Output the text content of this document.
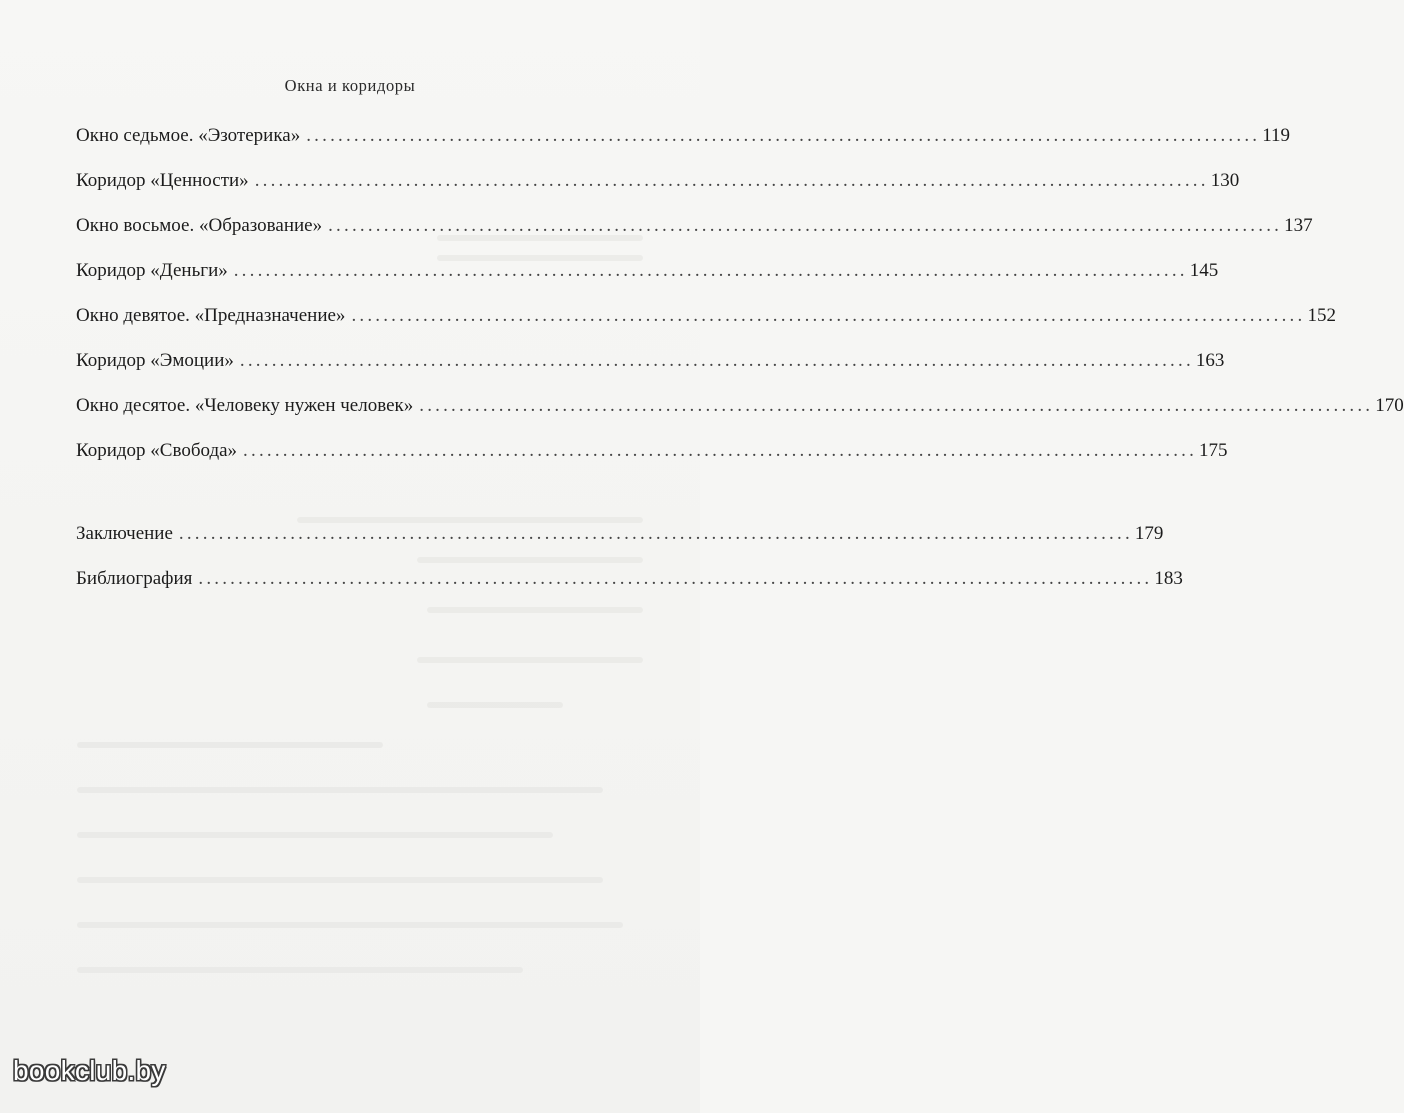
Окна и коридоры
Окно седьмое. «Эзотерика» ........................................................................................................................ 119
Коридор «Ценности» ........................................................................................................................ 130
Окно восьмое. «Образование» ........................................................................................................................ 137
Коридор «Деньги» ........................................................................................................................ 145
Окно девятое. «Предназначение» ........................................................................................................................ 152
Коридор «Эмоции» ........................................................................................................................ 163
Окно десятое. «Человеку нужен человек» ........................................................................................................................ 170
Коридор «Свобода» ........................................................................................................................ 175
Заключение ........................................................................................................................ 179
Библиография ........................................................................................................................ 183
bookclub.by
